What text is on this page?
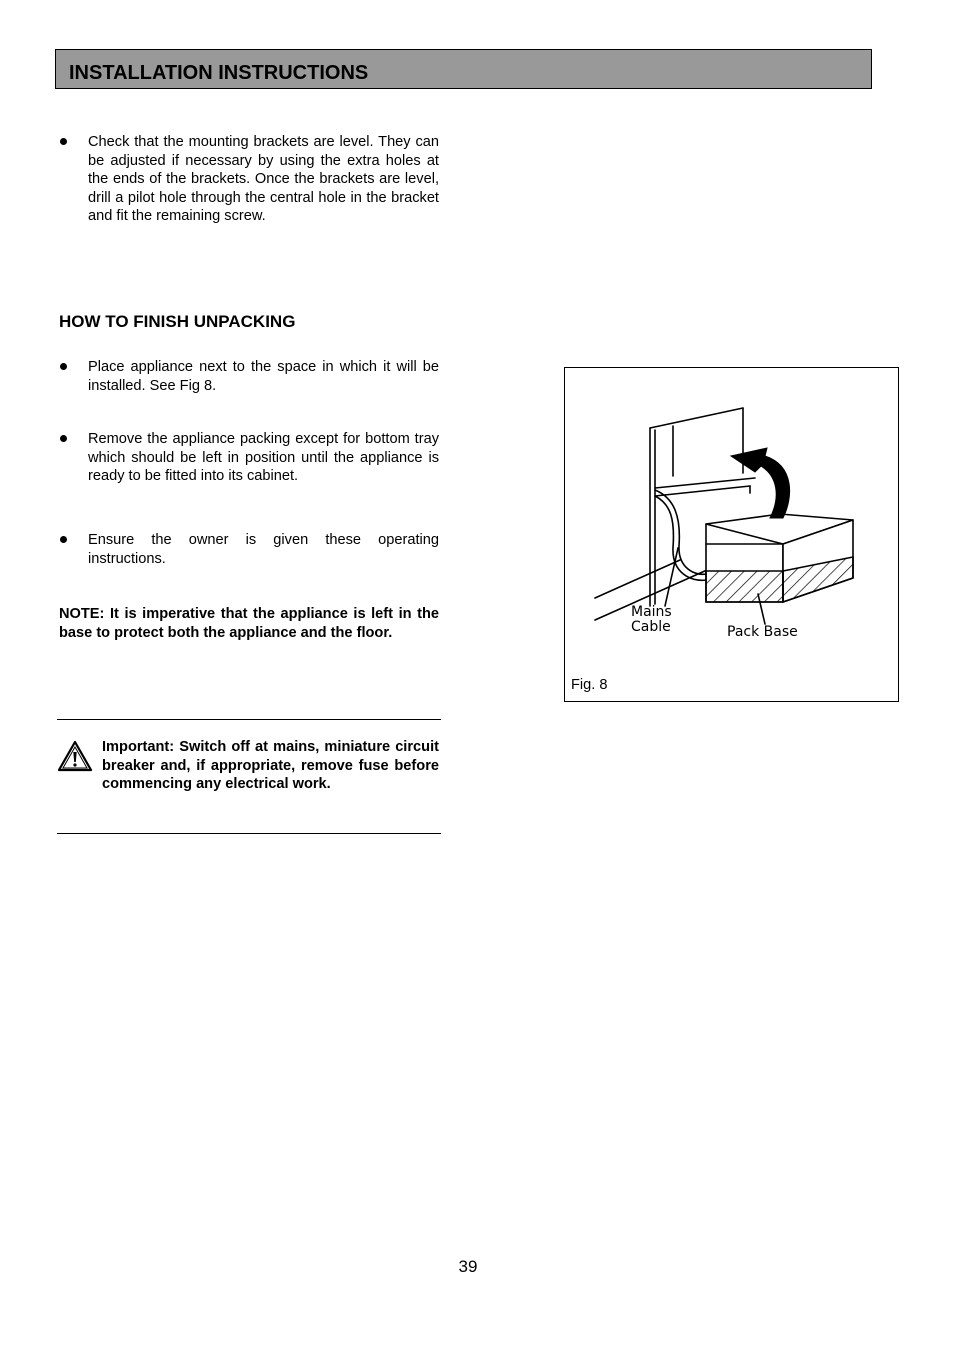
INSTALLATION INSTRUCTIONS
Check that the mounting brackets are level. They can be adjusted if necessary by using the extra holes at the ends of the brackets. Once the brackets are level, drill a pilot hole through the central hole in the bracket and fit the remaining screw.
HOW TO FINISH UNPACKING
Place appliance next to the space in which it will be installed. See Fig 8.
Remove the appliance packing except for bottom tray which should be left in position until the appliance is ready to be fitted into its cabinet.
Ensure the owner is given these operating instructions.
NOTE: It is imperative that the appliance is left in the base to protect both the appliance and the floor.
Important: Switch off at mains, miniature circuit breaker and, if appropriate, remove fuse before commencing any electrical work.
Mains
Cable	Pack Base
Fig. 8
39
